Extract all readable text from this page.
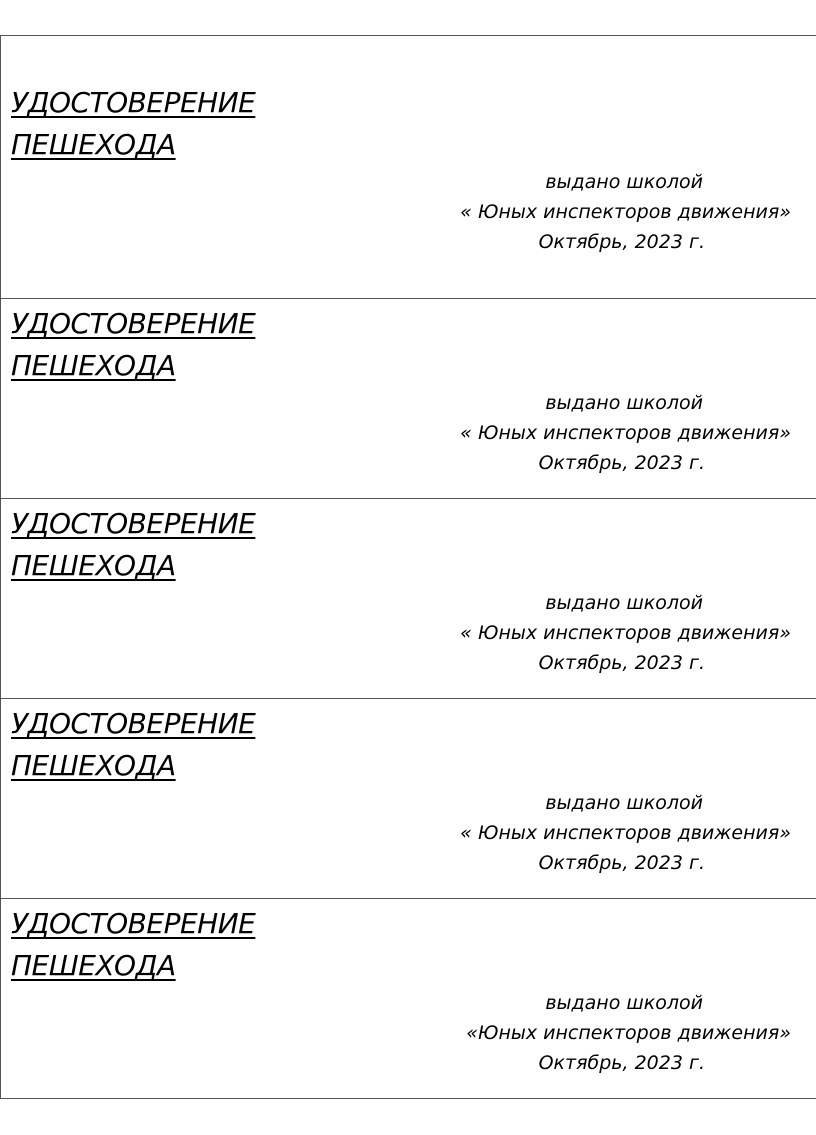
УДОСТОВЕРЕНИЕ
ПЕШЕХОДА
выдано школой
« Юных инспекторов движения»
Октябрь, 2023 г.
УДОСТОВЕРЕНИЕ
ПЕШЕХОДА
выдано школой
« Юных инспекторов движения»
Октябрь, 2023 г.
УДОСТОВЕРЕНИЕ
ПЕШЕХОДА
выдано школой
« Юных инспекторов движения»
Октябрь, 2023 г.
УДОСТОВЕРЕНИЕ
ПЕШЕХОДА
выдано школой
« Юных инспекторов движения»
Октябрь, 2023 г.
УДОСТОВЕРЕНИЕ
ПЕШЕХОДА
выдано школой
«Юных инспекторов движения»
Октябрь, 2023 г.
